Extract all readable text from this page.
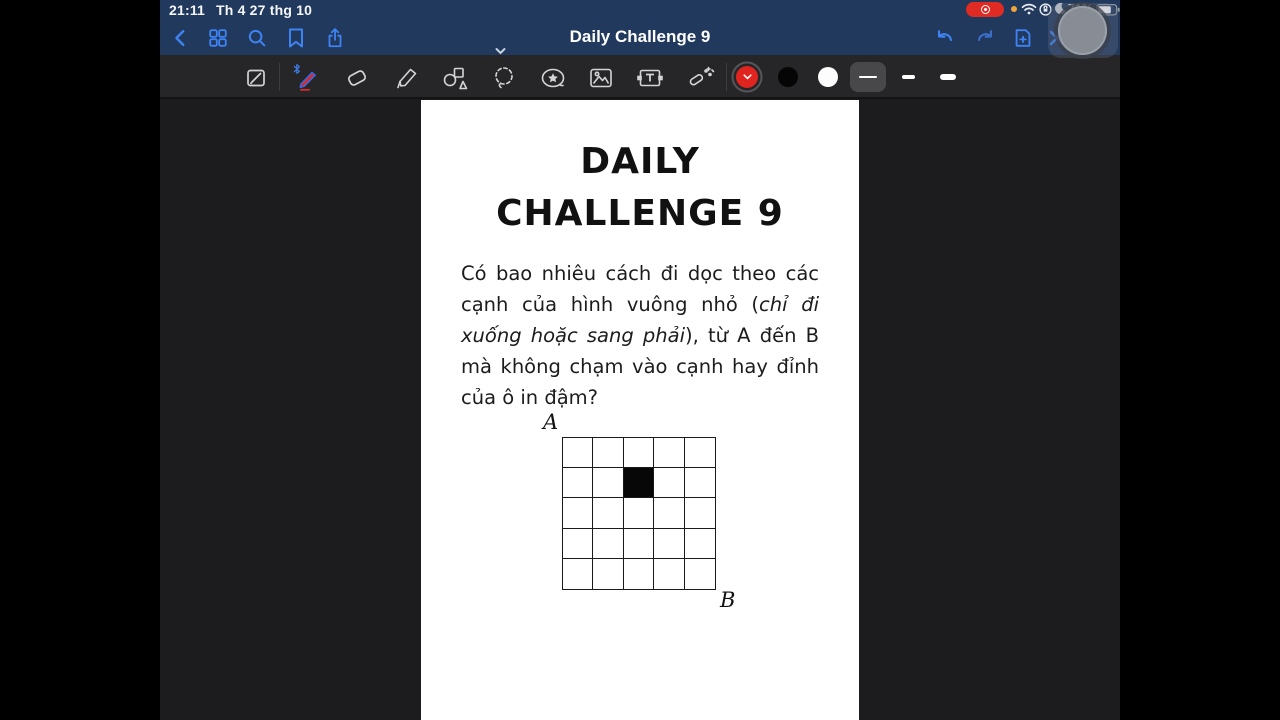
21:11 Th 4 27 thg 10
Daily Challenge 9
DAILY
CHALLENGE 9
Có bao nhiêu cách đi dọc theo các cạnh của hình vuông nhỏ (chỉ đi xuống hoặc sang phải), từ A đến B mà không chạm vào cạnh hay đỉnh của ô in đậm?
A
B
